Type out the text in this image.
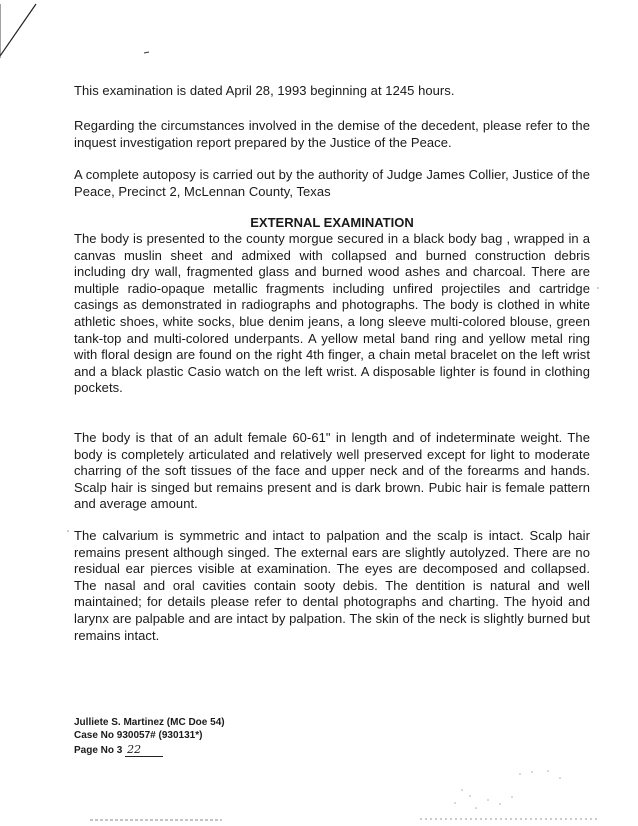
This examination is dated April 28, 1993 beginning at 1245 hours.
Regarding the circumstances involved in the demise of the decedent, please refer to the inquest investigation report prepared by the Justice of the Peace.
A complete autoposy is carried out by the authority of Judge James Collier, Justice of the Peace, Precinct 2, McLennan County, Texas
EXTERNAL EXAMINATION
The body is presented to the county morgue secured in a black body bag , wrapped in a canvas muslin sheet and admixed with collapsed and burned construction debris including dry wall, fragmented glass and burned wood ashes and charcoal. There are multiple radio-opaque metallic fragments including unfired projectiles and cartridge casings as demonstrated in radiographs and photographs. The body is clothed in white athletic shoes, white socks, blue denim jeans, a long sleeve multi-colored blouse, green tank-top and multi-colored underpants. A yellow metal band ring and yellow metal ring with floral design are found on the right 4th finger, a chain metal bracelet on the left wrist and a black plastic Casio watch on the left wrist. A disposable lighter is found in clothing pockets.
The body is that of an adult female 60-61" in length and of indeterminate weight. The body is completely articulated and relatively well preserved except for light to moderate charring of the soft tissues of the face and upper neck and of the forearms and hands. Scalp hair is singed but remains present and is dark brown. Pubic hair is female pattern and average amount.
The calvarium is symmetric and intact to palpation and the scalp is intact. Scalp hair remains present although singed. The external ears are slightly autolyzed. There are no residual ear pierces visible at examination. The eyes are decomposed and collapsed. The nasal and oral cavities contain sooty debis. The dentition is natural and well maintained; for details please refer to dental photographs and charting. The hyoid and larynx are palpable and are intact by palpation. The skin of the neck is slightly burned but remains intact.
Julliete S. Martinez (MC Doe 54)
Case No 930057# (930131*)
Page No 3 22
